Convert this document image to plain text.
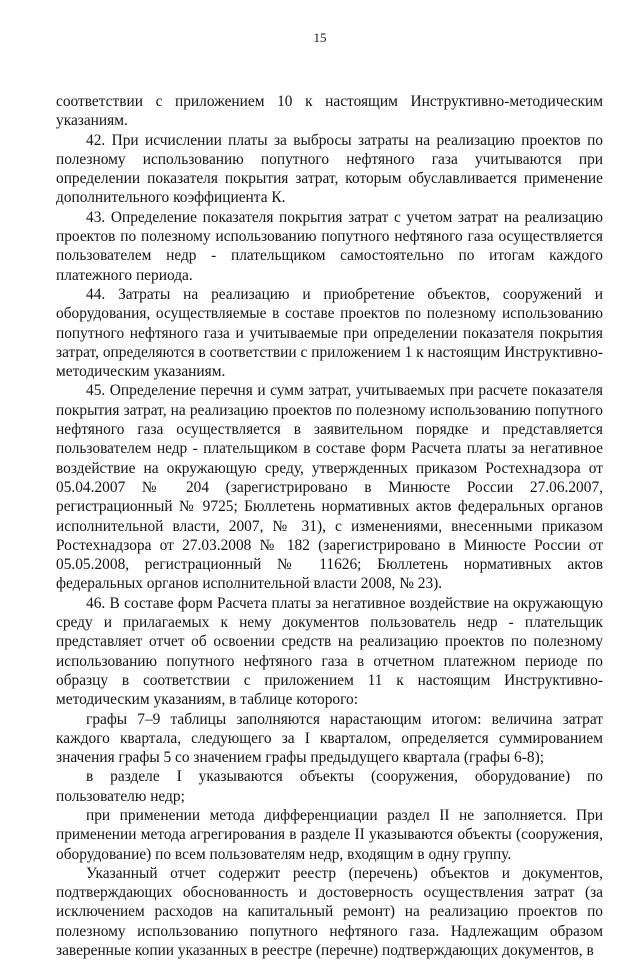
15

соответствии с приложением 10 к настоящим Инструктивно-методическим указаниям.

42. При исчислении платы за выбросы затраты на реализацию проектов по полезному использованию попутного нефтяного газа учитываются при определении показателя покрытия затрат, которым обуславливается применение дополнительного коэффициента К.

43. Определение показателя покрытия затрат с учетом затрат на реализацию проектов по полезному использованию попутного нефтяного газа осуществляется пользователем недр - плательщиком самостоятельно по итогам каждого платежного периода.

44. Затраты на реализацию и приобретение объектов, сооружений и оборудования, осуществляемые в составе проектов по полезному использованию попутного нефтяного газа и учитываемые при определении показателя покрытия затрат, определяются в соответствии с приложением 1 к настоящим Инструктивно-методическим указаниям.

45. Определение перечня и сумм затрат, учитываемых при расчете показателя покрытия затрат, на реализацию проектов по полезному использованию попутного нефтяного газа осуществляется в заявительном порядке и представляется пользователем недр - плательщиком в составе форм Расчета платы за негативное воздействие на окружающую среду, утвержденных приказом Ростехнадзора от 05.04.2007 № 204 (зарегистрировано в Минюсте России 27.06.2007, регистрационный № 9725; Бюллетень нормативных актов федеральных органов исполнительной власти, 2007, № 31), с изменениями, внесенными приказом Ростехнадзора от 27.03.2008 № 182 (зарегистрировано в Минюсте России от 05.05.2008, регистрационный № 11626; Бюллетень нормативных актов федеральных органов исполнительной власти 2008, № 23).

46. В составе форм Расчета платы за негативное воздействие на окружающую среду и прилагаемых к нему документов пользователь недр - плательщик представляет отчет об освоении средств на реализацию проектов по полезному использованию попутного нефтяного газа в отчетном платежном периоде по образцу в соответствии с приложением 11 к настоящим Инструктивно-методическим указаниям, в таблице которого:

графы 7–9 таблицы заполняются нарастающим итогом: величина затрат каждого квартала, следующего за I кварталом, определяется суммированием значения графы 5 со значением графы предыдущего квартала (графы 6-8);

в разделе I указываются объекты (сооружения, оборудование) по пользователю недр;

при применении метода дифференциации раздел II не заполняется. При применении метода агрегирования в разделе II указываются объекты (сооружения, оборудование) по всем пользователям недр, входящим в одну группу.

Указанный отчет содержит реестр (перечень) объектов и документов, подтверждающих обоснованность и достоверность осуществления затрат (за исключением расходов на капитальный ремонт) на реализацию проектов по полезному использованию попутного нефтяного газа. Надлежащим образом заверенные копии указанных в реестре (перечне) подтверждающих документов, в
